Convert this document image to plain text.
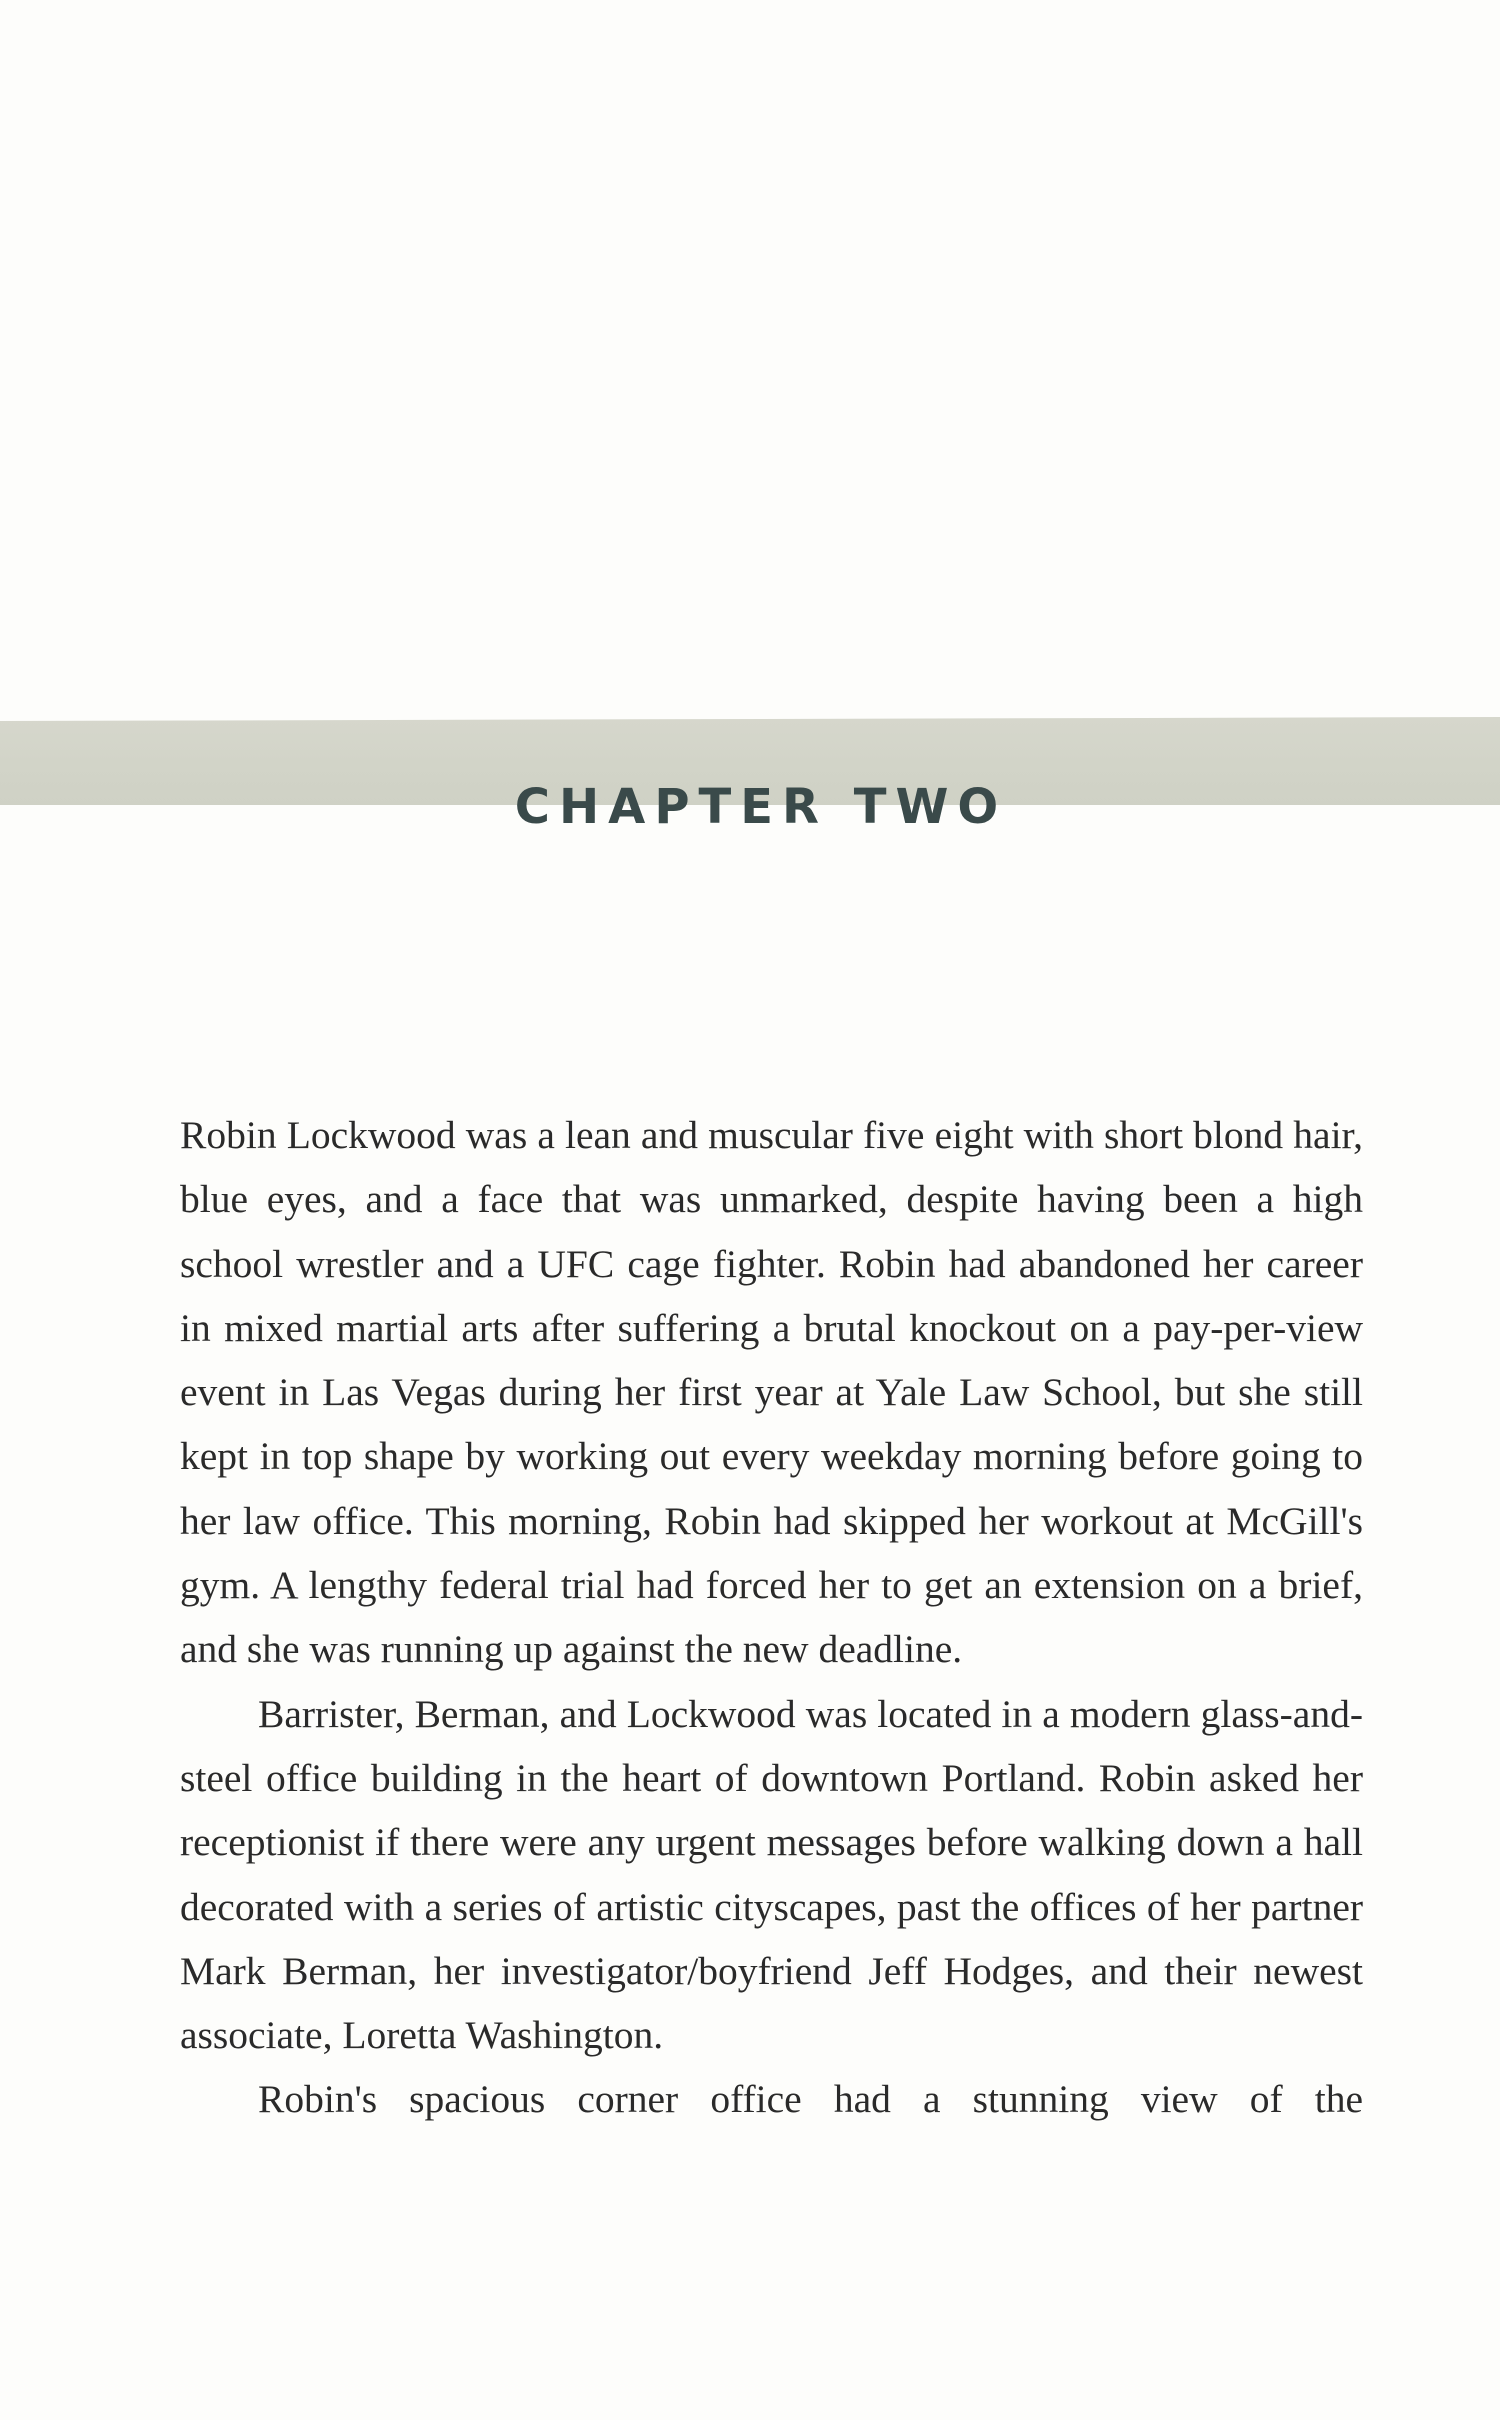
CHAPTER TWO

Robin Lockwood was a lean and muscular five eight with short blond hair, blue eyes, and a face that was unmarked, despite having been a high school wrestler and a UFC cage fighter. Robin had abandoned her career in mixed martial arts after suffering a brutal knockout on a pay-per-view event in Las Vegas during her first year at Yale Law School, but she still kept in top shape by working out every weekday morning before going to her law office. This morning, Robin had skipped her workout at McGill's gym. A lengthy federal trial had forced her to get an extension on a brief, and she was running up against the new deadline.

Barrister, Berman, and Lockwood was located in a modern glass-and-steel office building in the heart of downtown Portland. Robin asked her receptionist if there were any urgent messages before walking down a hall decorated with a series of artistic cityscapes, past the offices of her partner Mark Berman, her investigator/boyfriend Jeff Hodges, and their newest associate, Loretta Washington.

Robin's spacious corner office had a stunning view of the
